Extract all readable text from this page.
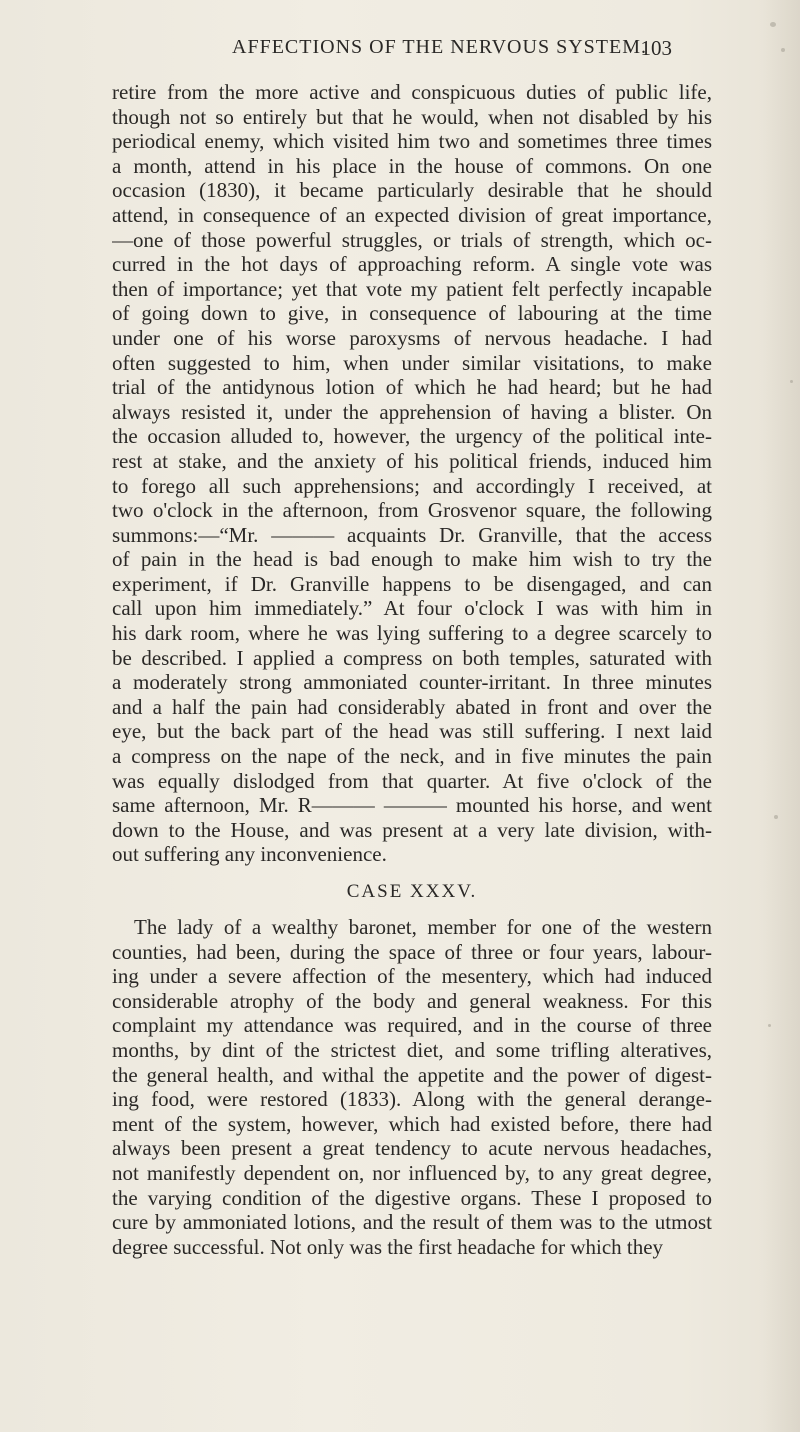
AFFECTIONS OF THE NERVOUS SYSTEM.
103
retire from the more active and conspicuous duties of public life,
though not so entirely but that he would, when not disabled by his
periodical enemy, which visited him two and sometimes three times
a month, attend in his place in the house of commons. On one
occasion (1830), it became particularly desirable that he should
attend, in consequence of an expected division of great importance,
—one of those powerful struggles, or trials of strength, which oc-
curred in the hot days of approaching reform. A single vote was
then of importance; yet that vote my patient felt perfectly incapable
of going down to give, in consequence of labouring at the time
under one of his worse paroxysms of nervous headache. I had
often suggested to him, when under similar visitations, to make
trial of the antidynous lotion of which he had heard; but he had
always resisted it, under the apprehension of having a blister. On
the occasion alluded to, however, the urgency of the political inte-
rest at stake, and the anxiety of his political friends, induced him
to forego all such apprehensions; and accordingly I received, at
two o'clock in the afternoon, from Grosvenor square, the following
summons:—“Mr. ——— acquaints Dr. Granville, that the access
of pain in the head is bad enough to make him wish to try the
experiment, if Dr. Granville happens to be disengaged, and can
call upon him immediately.” At four o'clock I was with him in
his dark room, where he was lying suffering to a degree scarcely to
be described. I applied a compress on both temples, saturated with
a moderately strong ammoniated counter-irritant. In three minutes
and a half the pain had considerably abated in front and over the
eye, but the back part of the head was still suffering. I next laid
a compress on the nape of the neck, and in five minutes the pain
was equally dislodged from that quarter. At five o'clock of the
same afternoon, Mr. R——— ——— mounted his horse, and went
down to the House, and was present at a very late division, with-
out suffering any inconvenience.
CASE XXXV.
The lady of a wealthy baronet, member for one of the western
counties, had been, during the space of three or four years, labour-
ing under a severe affection of the mesentery, which had induced
considerable atrophy of the body and general weakness. For this
complaint my attendance was required, and in the course of three
months, by dint of the strictest diet, and some trifling alteratives,
the general health, and withal the appetite and the power of digest-
ing food, were restored (1833). Along with the general derange-
ment of the system, however, which had existed before, there had
always been present a great tendency to acute nervous headaches,
not manifestly dependent on, nor influenced by, to any great degree,
the varying condition of the digestive organs. These I proposed to
cure by ammoniated lotions, and the result of them was to the utmost
degree successful. Not only was the first headache for which they
